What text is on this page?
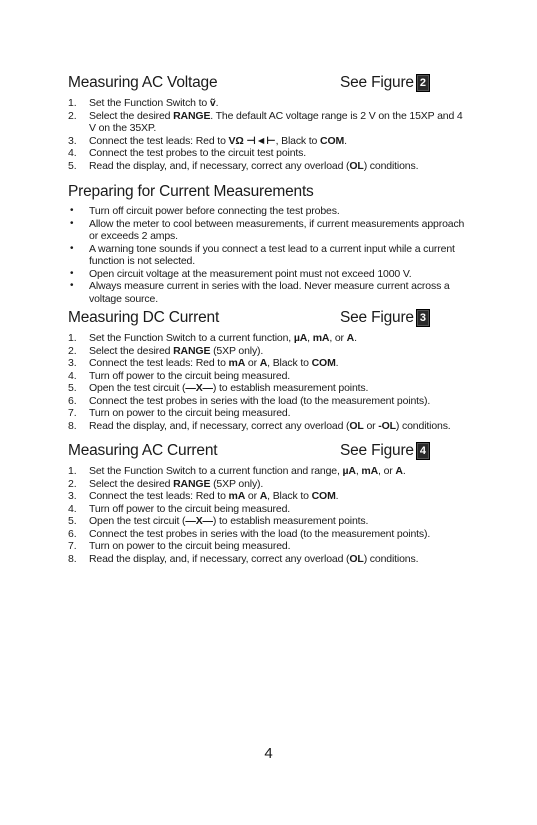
Measuring AC Voltage	See Figure 2
1. Set the Function Switch to ṽ.
2. Select the desired RANGE. The default AC voltage range is 2 V on the 15XP and 4 V on the 35XP.
3. Connect the test leads: Red to VΩ ⊣◄⊢, Black to COM.
4. Connect the test probes to the circuit test points.
5. Read the display, and, if necessary, correct any overload (OL) conditions.
Preparing for Current Measurements
• Turn off circuit power before connecting the test probes.
• Allow the meter to cool between measurements, if current measurements approach or exceeds 2 amps.
• A warning tone sounds if you connect a test lead to a current input while a current function is not selected.
• Open circuit voltage at the measurement point must not exceed 1000 V.
• Always measure current in series with the load. Never measure current across a voltage source.
Measuring DC Current	See Figure 3
1. Set the Function Switch to a current function, µA, mA, or A.
2. Select the desired RANGE (5XP only).
3. Connect the test leads: Red to mA or A, Black to COM.
4. Turn off power to the circuit being measured.
5. Open the test circuit (—X—) to establish measurement points.
6. Connect the test probes in series with the load (to the measurement points).
7. Turn on power to the circuit being measured.
8. Read the display, and, if necessary, correct any overload (OL or -OL) conditions.
Measuring AC Current	See Figure 4
1. Set the Function Switch to a current function and range, µA, mA, or A.
2. Select the desired RANGE (5XP only).
3. Connect the test leads: Red to mA or A, Black to COM.
4. Turn off power to the circuit being measured.
5. Open the test circuit (—X—) to establish measurement points.
6. Connect the test probes in series with the load (to the measurement points).
7. Turn on power to the circuit being measured.
8. Read the display, and, if necessary, correct any overload (OL) conditions.
4
